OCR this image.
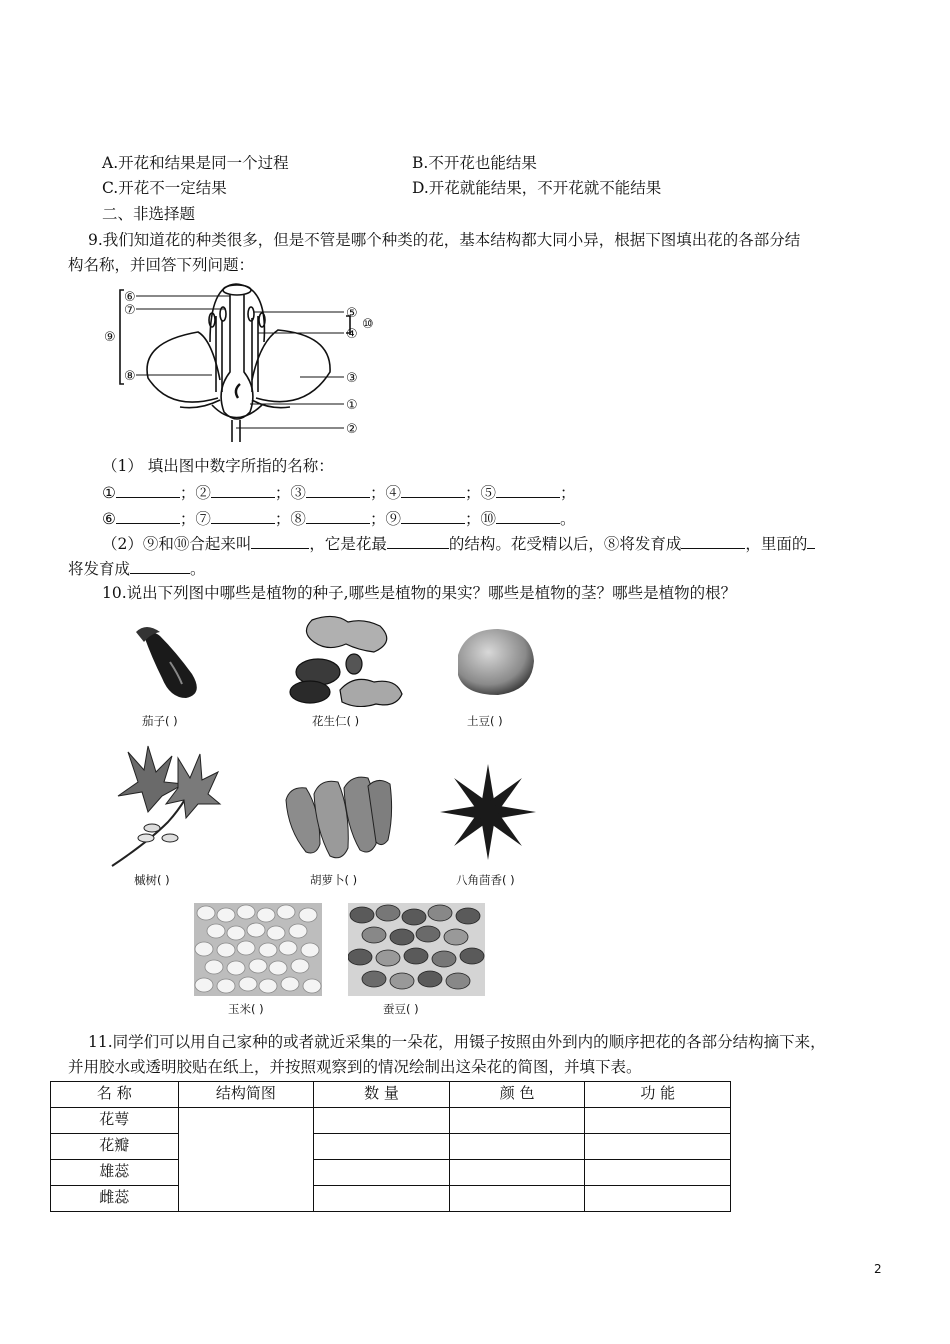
A.开花和结果是同一个过程	B.不开花也能结果
C.开花不一定结果	D.开花就能结果，不开花就不能结果
二、非选择题
9.我们知道花的种类很多，但是不管是哪个种类的花，基本结构都大同小异，根据下图填出花的各部分结
构名称，并回答下列问题：
⑥
⑦
⑨
⑧
⑤
④
⑩
③
①
②
（1） 填出图中数字所指的名称：
①	；②	；③	；④	；⑤	；
⑥	；⑦	；⑧	；⑨	；⑩	。
（2）⑨和⑩合起来叫	，它是花最	的结构。花受精以后，⑧将发育成	，里面的
将发育成	。
10.说出下列图中哪些是植物的种子,哪些是植物的果实？哪些是植物的茎？哪些是植物的根？
茄子( )	花生仁( )	土豆( )
槭树( )	胡萝卜( )	八角茴香( )
玉米( )	蚕豆( )
11.同学们可以用自己家种的或者就近采集的一朵花，用镊子按照由外到内的顺序把花的各部分结构摘下来，
并用胶水或透明胶贴在纸上，并按照观察到的情况绘制出这朵花的简图，并填下表。
名 称	结构简图	数 量	颜 色	功 能
花萼				
花瓣				
雄蕊				
雌蕊				
2
